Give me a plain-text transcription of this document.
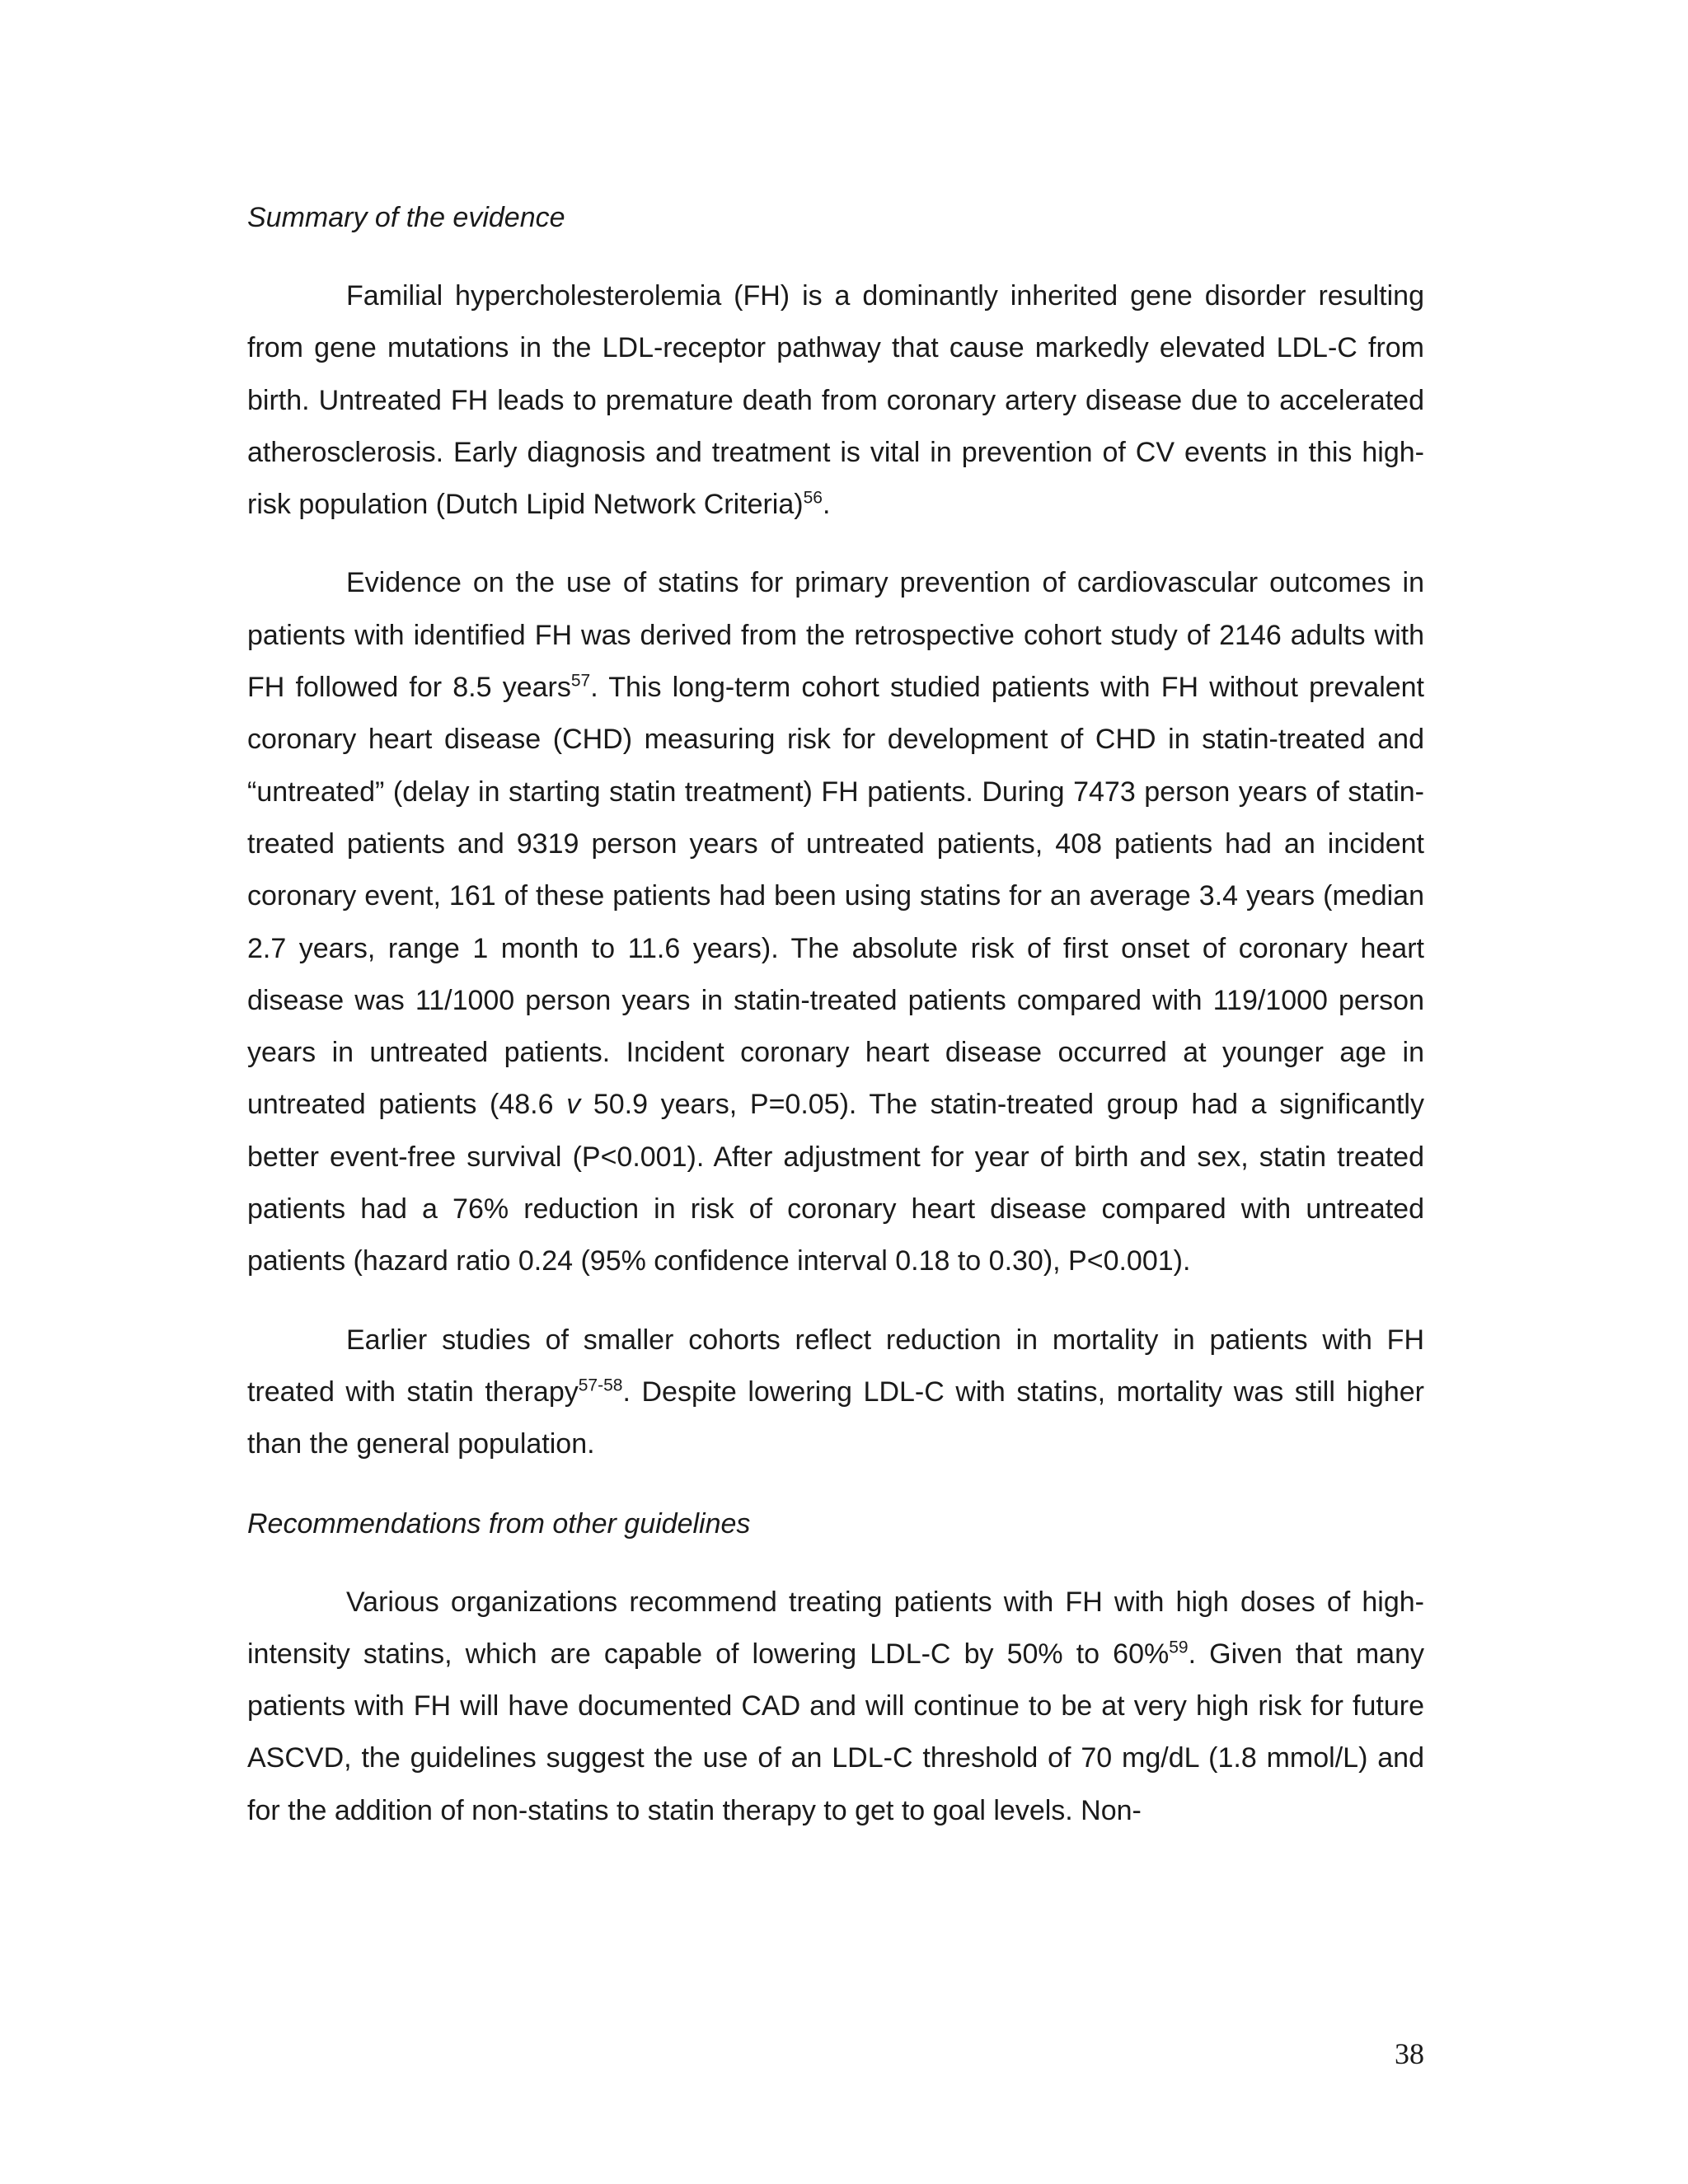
Summary of the evidence

Familial hypercholesterolemia (FH) is a dominantly inherited gene disorder resulting from gene mutations in the LDL-receptor pathway that cause markedly elevated LDL-C from birth. Untreated FH leads to premature death from coronary artery disease due to accelerated atherosclerosis. Early diagnosis and treatment is vital in prevention of CV events in this high-risk population (Dutch Lipid Network Criteria)$^{56}$.

Evidence on the use of statins for primary prevention of cardiovascular outcomes in patients with identified FH was derived from the retrospective cohort study of 2146 adults with FH followed for 8.5 years$^{57}$. This long-term cohort studied patients with FH without prevalent coronary heart disease (CHD) measuring risk for development of CHD in statin-treated and “untreated” (delay in starting statin treatment) FH patients. During 7473 person years of statin-treated patients and 9319 person years of untreated patients, 408 patients had an incident coronary event, 161 of these patients had been using statins for an average 3.4 years (median 2.7 years, range 1 month to 11.6 years). The absolute risk of first onset of coronary heart disease was 11/1000 person years in statin-treated patients compared with 119/1000 person years in untreated patients. Incident coronary heart disease occurred at younger age in untreated patients (48.6 v 50.9 years, P=0.05). The statin-treated group had a significantly better event-free survival (P<0.001). After adjustment for year of birth and sex, statin treated patients had a 76% reduction in risk of coronary heart disease compared with untreated patients (hazard ratio 0.24 (95% confidence interval 0.18 to 0.30), P<0.001).

Earlier studies of smaller cohorts reflect reduction in mortality in patients with FH treated with statin therapy$^{57-58}$. Despite lowering LDL-C with statins, mortality was still higher than the general population.

Recommendations from other guidelines

Various organizations recommend treating patients with FH with high doses of high-intensity statins, which are capable of lowering LDL-C by 50% to 60%$^{59}$. Given that many patients with FH will have documented CAD and will continue to be at very high risk for future ASCVD, the guidelines suggest the use of an LDL-C threshold of 70 mg/dL (1.8 mmol/L) and for the addition of non-statins to statin therapy to get to goal levels. Non-

38
